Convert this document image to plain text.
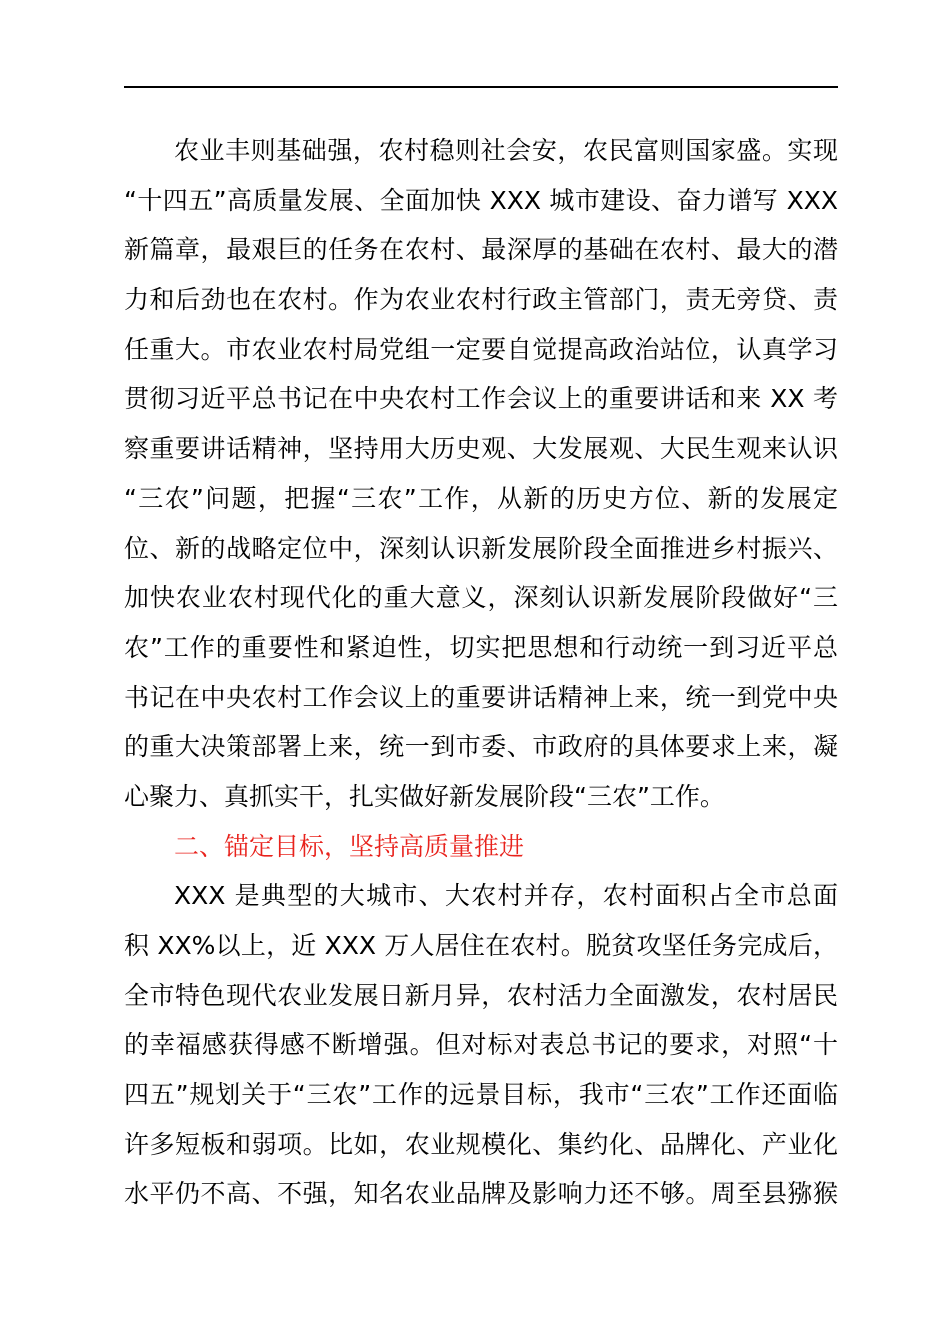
农业丰则基础强，农村稳则社会安，农民富则国家盛。实现
“十四五”高质量发展、全面加快 XXX 城市建设、奋力谱写 XXX
新篇章，最艰巨的任务在农村、最深厚的基础在农村、最大的潜
力和后劲也在农村。作为农业农村行政主管部门，责无旁贷、责
任重大。市农业农村局党组一定要自觉提高政治站位，认真学习
贯彻习近平总书记在中央农村工作会议上的重要讲话和来 XX 考
察重要讲话精神，坚持用大历史观、大发展观、大民生观来认识
“三农”问题，把握“三农”工作，从新的历史方位、新的发展定
位、新的战略定位中，深刻认识新发展阶段全面推进乡村振兴、
加快农业农村现代化的重大意义，深刻认识新发展阶段做好“三
农”工作的重要性和紧迫性，切实把思想和行动统一到习近平总
书记在中央农村工作会议上的重要讲话精神上来，统一到党中央
的重大决策部署上来，统一到市委、市政府的具体要求上来，凝
心聚力、真抓实干，扎实做好新发展阶段“三农”工作。
二、锚定目标，坚持高质量推进
XXX 是典型的大城市、大农村并存，农村面积占全市总面
积 XX%以上，近 XXX 万人居住在农村。脱贫攻坚任务完成后，
全市特色现代农业发展日新月异，农村活力全面激发，农村居民
的幸福感获得感不断增强。但对标对表总书记的要求，对照“十
四五”规划关于“三农”工作的远景目标，我市“三农”工作还面临
许多短板和弱项。比如，农业规模化、集约化、品牌化、产业化
水平仍不高、不强，知名农业品牌及影响力还不够。周至县猕猴
